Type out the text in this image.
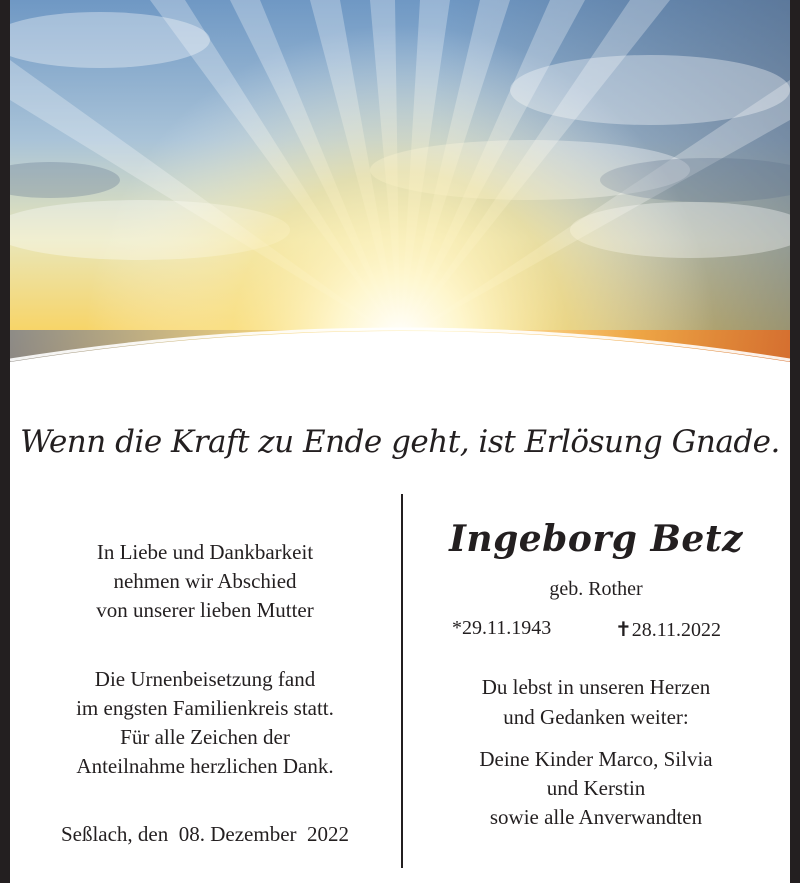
Wenn die Kraft zu Ende geht, ist Erlösung Gnade.

In Liebe und Dankbarkeit

nehmen wir Abschied

von unserer lieben Mutter

Die Urnenbeisetzung fand

im engsten Familienkreis statt.

Für alle Zeichen der

Anteilnahme herzlichen Dank.

Seßlach, den  08. Dezember  2022
Ingeborg Betz
geb. Rother
*29.11.1943	✝28.11.2022

Du lebst in unseren Herzen

und Gedanken weiter:

Deine Kinder Marco, Silvia

und Kerstin

sowie alle Anverwandten
